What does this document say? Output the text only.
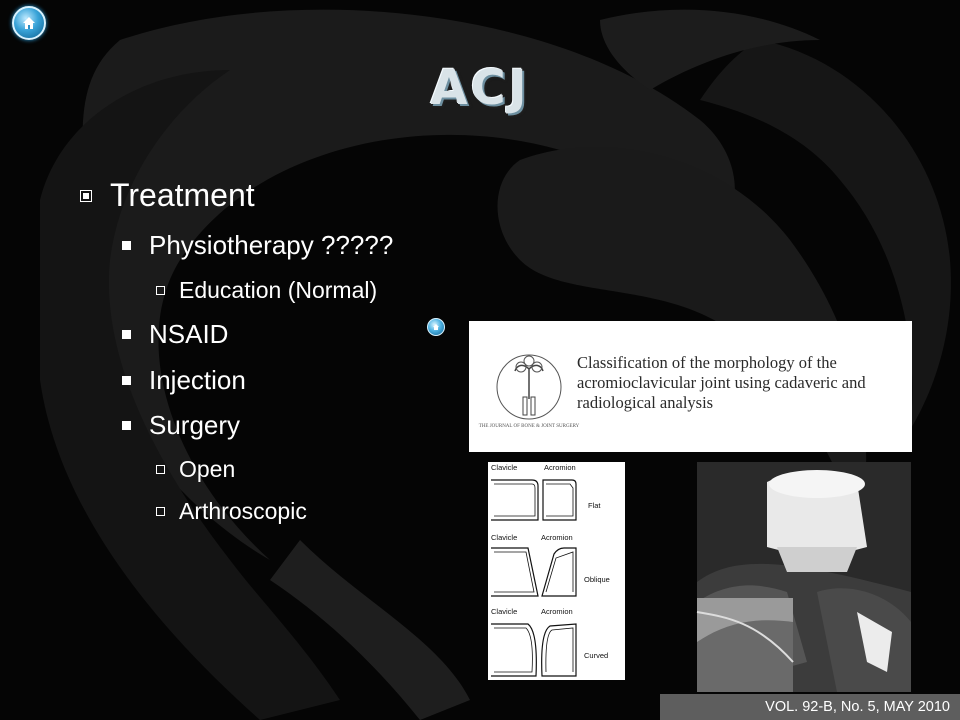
ACJ
Treatment
Physiotherapy ?????
Education (Normal)
NSAID
Injection
Surgery
Open
Arthroscopic
THE JOURNAL OF BONE & JOINT SURGERY
Classification of the morphology of the
acromioclavicular joint using cadaveric and
radiological analysis
Clavicle	Acromion
Flat
Clavicle	Acromion
Oblique
Clavicle	Acromion
Curved
VOL. 92-B, No. 5, MAY 2010
